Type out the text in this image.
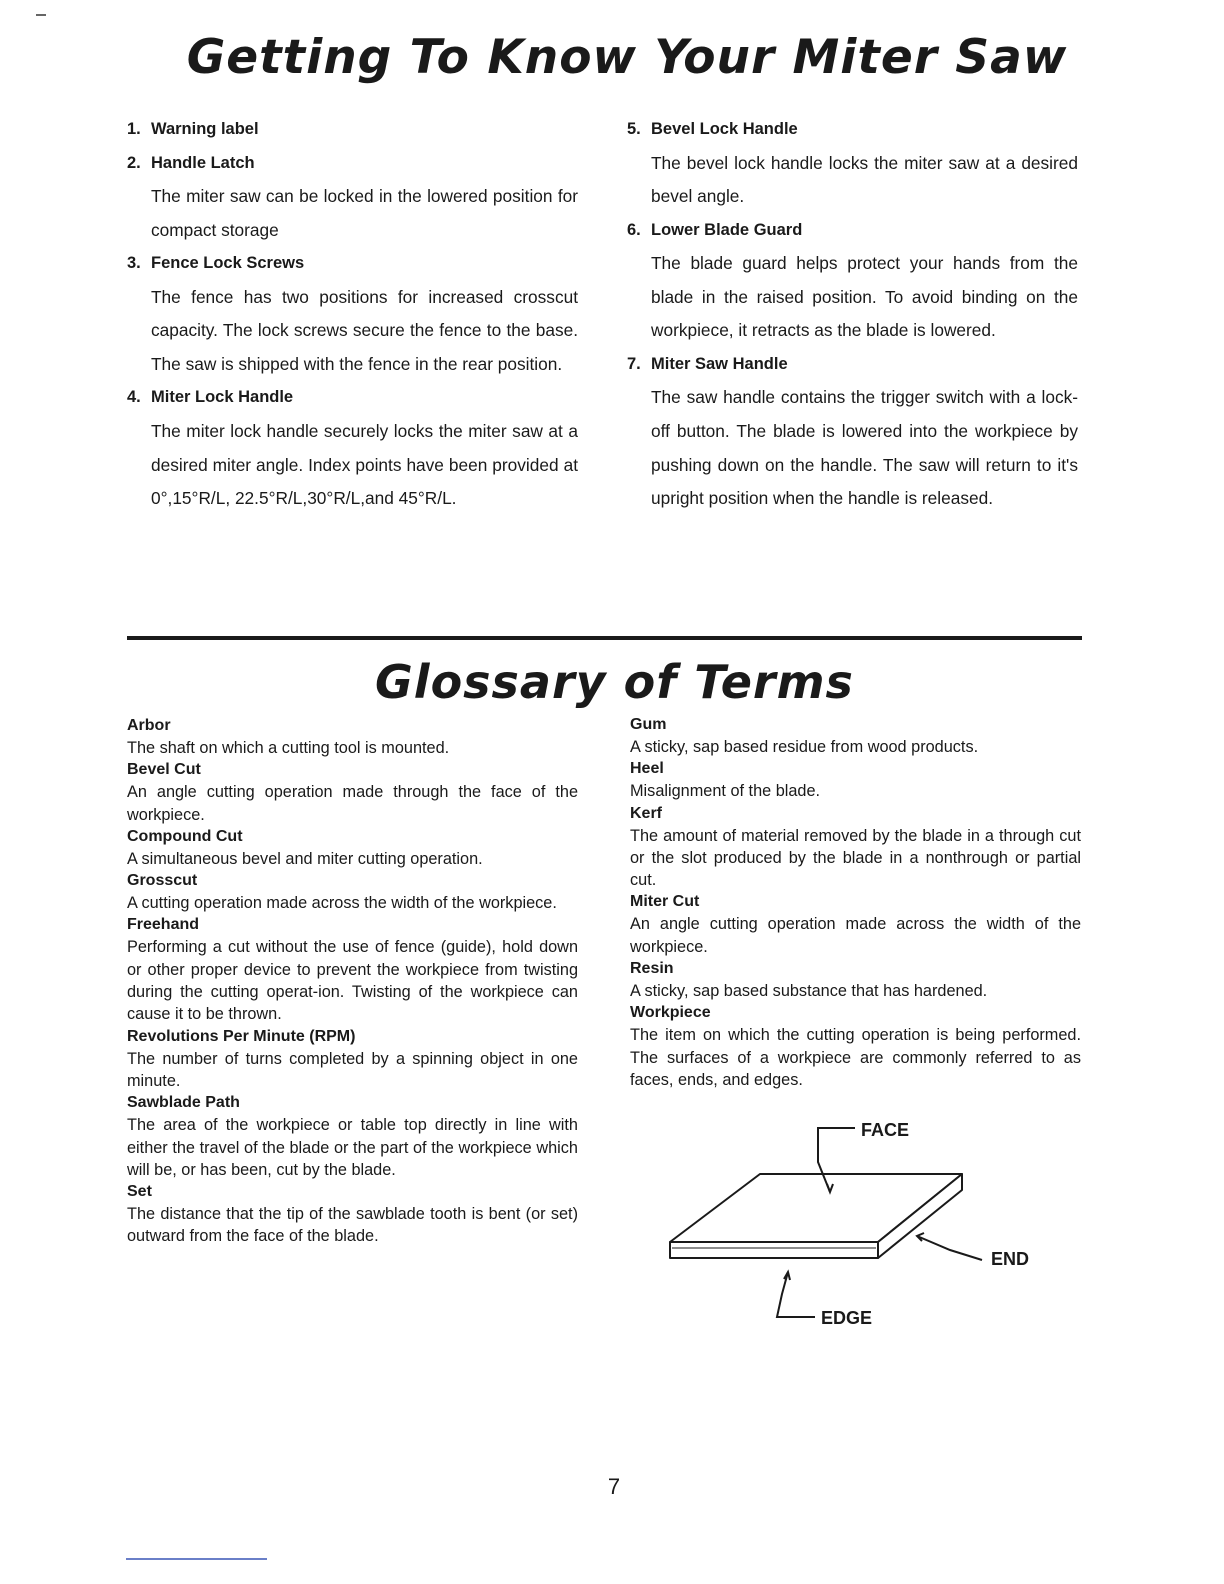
Getting To Know Your Miter Saw
1. Warning label
2. Handle Latch
The miter saw can be locked in the lowered position for compact storage
3. Fence Lock Screws
The fence has two positions for increased crosscut capacity. The lock screws secure the fence to the base. The saw is shipped with the fence in the rear position.
4. Miter Lock Handle
The miter lock handle securely locks the miter saw at a desired miter angle. Index points have been provided at 0°,15°R/L, 22.5°R/L,30°R/L,and 45°R/L.
5. Bevel Lock Handle
The bevel lock handle locks the miter saw at a desired bevel angle.
6. Lower Blade Guard
The blade guard helps protect your hands from the blade in the raised position. To avoid binding on the workpiece, it retracts as the blade is lowered.
7. Miter Saw Handle
The saw handle contains the trigger switch with a lock-off button. The blade is lowered into the workpiece by pushing down on the handle. The saw will return to it's upright position when the handle is released.
Glossary of Terms
Arbor
The shaft on which a cutting tool is mounted.
Bevel Cut
An angle cutting operation made through the face of the workpiece.
Compound Cut
A simultaneous bevel and miter cutting operation.
Grosscut
A cutting operation made across the width of the workpiece.
Freehand
Performing a cut without the use of fence (guide), hold down or other proper device to prevent the workpiece from twisting during the cutting operat-ion. Twisting of the workpiece can cause it to be thrown.
Revolutions Per Minute (RPM)
The number of turns completed by a spinning object in one minute.
Sawblade Path
The area of the workpiece or table top directly in line with either the travel of the blade or the part of the workpiece which will be, or has been, cut by the blade.
Set
The distance that the tip of the sawblade tooth is bent (or set) outward from the face of the blade.
Gum
A sticky, sap based residue from wood products.
Heel
Misalignment of the blade.
Kerf
The amount of material removed by the blade in a through cut or the slot produced by the blade in a nonthrough or partial cut.
Miter Cut
An angle cutting operation made across the width of the workpiece.
Resin
A sticky, sap based substance that has hardened.
Workpiece
The item on which the cutting operation is being performed. The surfaces of a workpiece are commonly referred to as faces, ends, and edges.
FACE
END
EDGE
7
